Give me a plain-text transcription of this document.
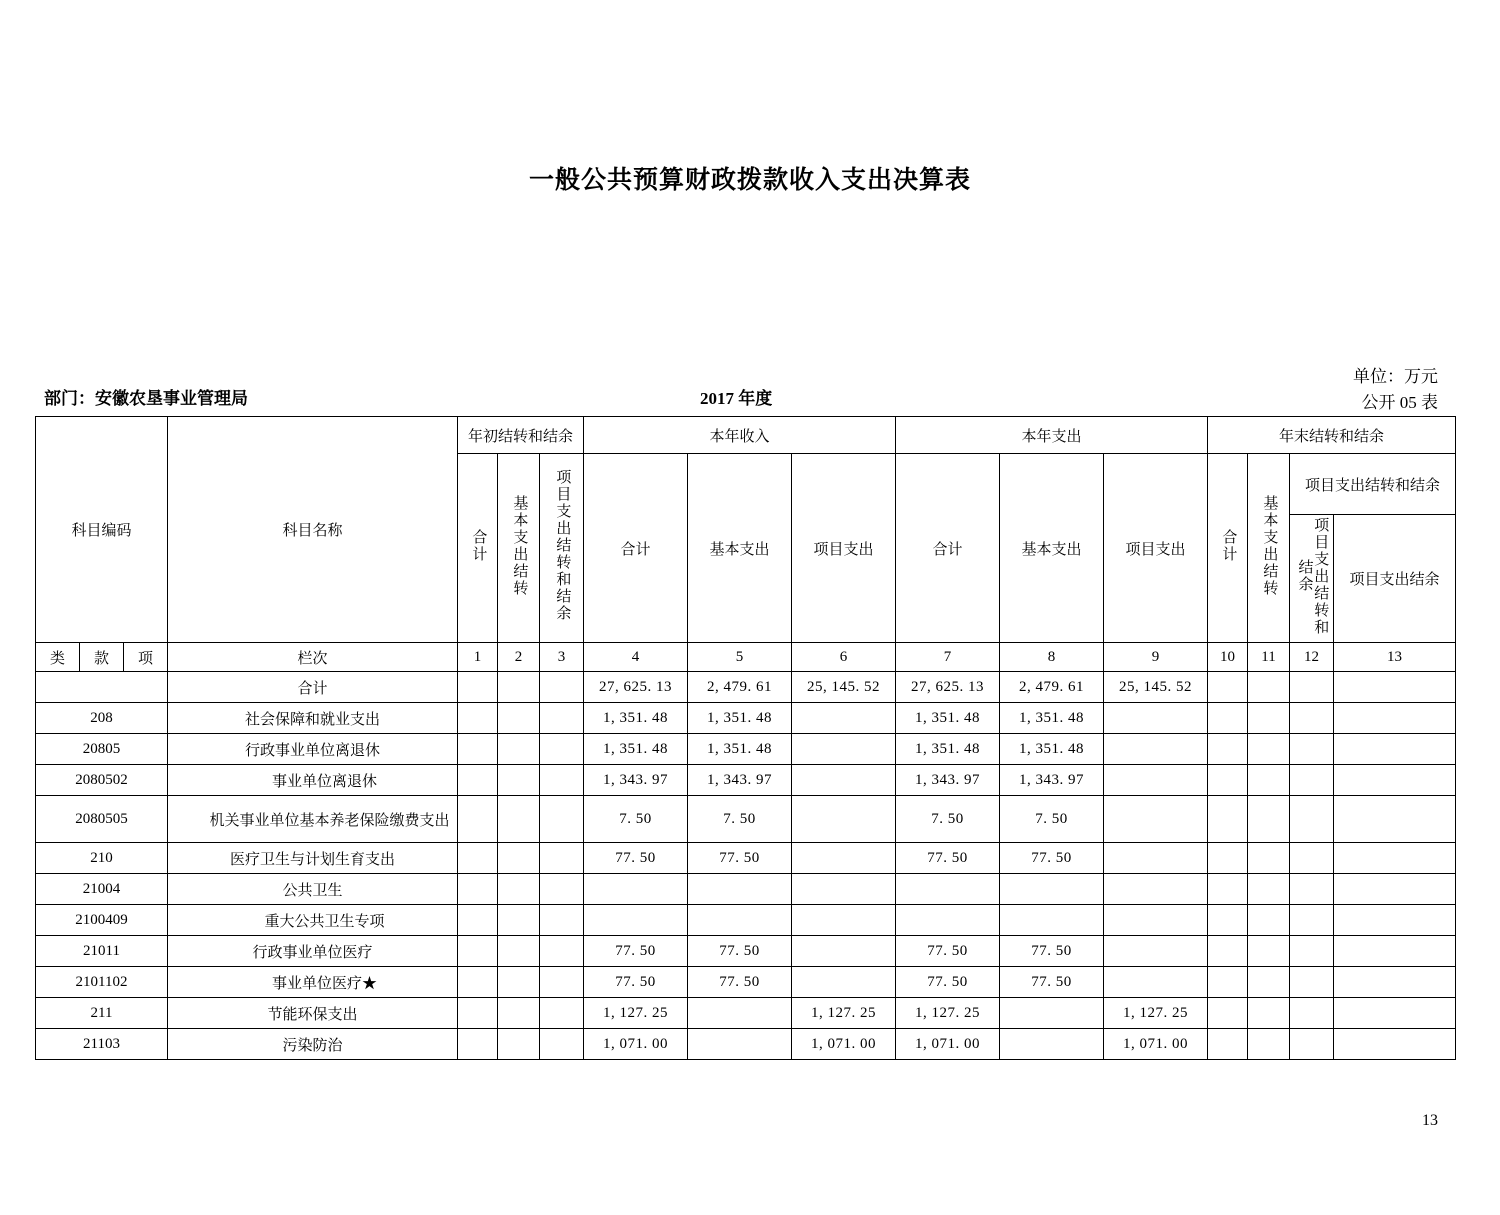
一般公共预算财政拨款收入支出决算表
单位：万元
公开 05 表
部门：安徽农垦事业管理局	2017 年度
科目编码			科目名称	年初结转和结余			本年收入			本年支出			年末结转和结余			
				合计	基本支出结转	项目支出结转和结余	合计	基本支出	项目支出	合计	基本支出	项目支出	合计	基本支出结转	项目支出结转和结余	
															项目支出结转和结余	项目支出结余
类	款	项	栏次	1	2	3	4	5	6	7	8	9	10	11	12	13
			合计				27, 625. 13	2, 479. 61	25, 145. 52	27, 625. 13	2, 479. 61	25, 145. 52				
208			社会保障和就业支出				1, 351. 48	1, 351. 48		1, 351. 48	1, 351. 48					
20805			行政事业单位离退休				1, 351. 48	1, 351. 48		1, 351. 48	1, 351. 48					
2080502			事业单位离退休				1, 343. 97	1, 343. 97		1, 343. 97	1, 343. 97					
2080505			机关事业单位基本养老保险缴费支出				7. 50	7. 50		7. 50	7. 50					
210			医疗卫生与计划生育支出				77. 50	77. 50		77. 50	77. 50					
21004			公共卫生													
2100409			重大公共卫生专项													
21011			行政事业单位医疗				77. 50	77. 50		77. 50	77. 50					
2101102			事业单位医疗★				77. 50	77. 50		77. 50	77. 50					
211			节能环保支出				1, 127. 25		1, 127. 25	1, 127. 25		1, 127. 25				
21103			污染防治				1, 071. 00		1, 071. 00	1, 071. 00		1, 071. 00				
13
